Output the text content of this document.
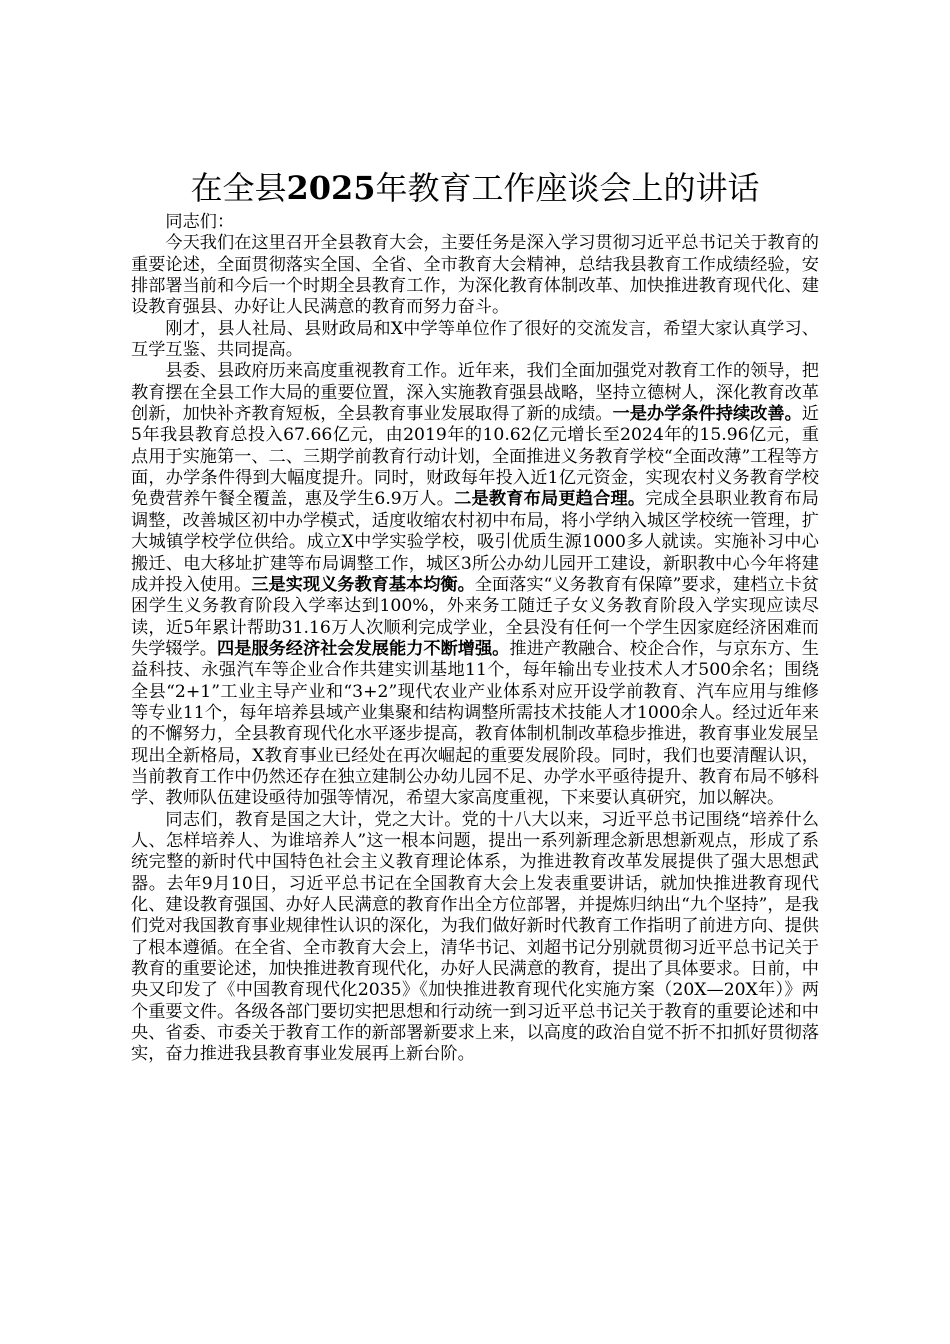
在全县2025年教育工作座谈会上的讲话

同志们：

今天我们在这里召开全县教育大会，主要任务是深入学习贯彻习近平总书记关于教育的重要论述，全面贯彻落实全国、全省、全市教育大会精神，总结我县教育工作成绩经验，安排部署当前和今后一个时期全县教育工作，为深化教育体制改革、加快推进教育现代化、建设教育强县、办好让人民满意的教育而努力奋斗。

刚才，县人社局、县财政局和X中学等单位作了很好的交流发言，希望大家认真学习、互学互鉴、共同提高。

县委、县政府历来高度重视教育工作。近年来，我们全面加强党对教育工作的领导，把教育摆在全县工作大局的重要位置，深入实施教育强县战略，坚持立德树人，深化教育改革创新，加快补齐教育短板，全县教育事业发展取得了新的成绩。一是办学条件持续改善。近5年我县教育总投入67.66亿元，由2019年的10.62亿元增长至2024年的15.96亿元，重点用于实施第一、二、三期学前教育行动计划，全面推进义务教育学校“全面改薄”工程等方面，办学条件得到大幅度提升。同时，财政每年投入近1亿元资金，实现农村义务教育学校免费营养午餐全覆盖，惠及学生6.9万人。二是教育布局更趋合理。完成全县职业教育布局调整，改善城区初中办学模式，适度收缩农村初中布局，将小学纳入城区学校统一管理，扩大城镇学校学位供给。成立X中学实验学校，吸引优质生源1000多人就读。实施补习中心搬迁、电大移址扩建等布局调整工作，城区3所公办幼儿园开工建设，新职教中心今年将建成并投入使用。三是实现义务教育基本均衡。全面落实“义务教育有保障”要求，建档立卡贫困学生义务教育阶段入学率达到100%，外来务工随迁子女义务教育阶段入学实现应读尽读，近5年累计帮助31.16万人次顺利完成学业，全县没有任何一个学生因家庭经济困难而失学辍学。四是服务经济社会发展能力不断增强。推进产教融合、校企合作，与京东方、生益科技、永强汽车等企业合作共建实训基地11个，每年输出专业技术人才500余名；围绕全县“2+1”工业主导产业和“3+2”现代农业产业体系对应开设学前教育、汽车应用与维修等专业11个，每年培养县域产业集聚和结构调整所需技术技能人才1000余人。经过近年来的不懈努力，全县教育现代化水平逐步提高，教育体制机制改革稳步推进，教育事业发展呈现出全新格局，X教育事业已经处在再次崛起的重要发展阶段。同时，我们也要清醒认识，当前教育工作中仍然还存在独立建制公办幼儿园不足、办学水平亟待提升、教育布局不够科学、教师队伍建设亟待加强等情况，希望大家高度重视，下来要认真研究，加以解决。

同志们，教育是国之大计，党之大计。党的十八大以来，习近平总书记围绕“培养什么人、怎样培养人、为谁培养人”这一根本问题，提出一系列新理念新思想新观点，形成了系统完整的新时代中国特色社会主义教育理论体系，为推进教育改革发展提供了强大思想武器。去年9月10日，习近平总书记在全国教育大会上发表重要讲话，就加快推进教育现代化、建设教育强国、办好人民满意的教育作出全方位部署，并提炼归纳出“九个坚持”，是我们党对我国教育事业规律性认识的深化，为我们做好新时代教育工作指明了前进方向、提供了根本遵循。在全省、全市教育大会上，清华书记、刘超书记分别就贯彻习近平总书记关于教育的重要论述，加快推进教育现代化，办好人民满意的教育，提出了具体要求。日前，中央又印发了《中国教育现代化2035》《加快推进教育现代化实施方案（20X—20X年）》两个重要文件。各级各部门要切实把思想和行动统一到习近平总书记关于教育的重要论述和中央、省委、市委关于教育工作的新部署新要求上来，以高度的政治自觉不折不扣抓好贯彻落实，奋力推进我县教育事业发展再上新台阶。
